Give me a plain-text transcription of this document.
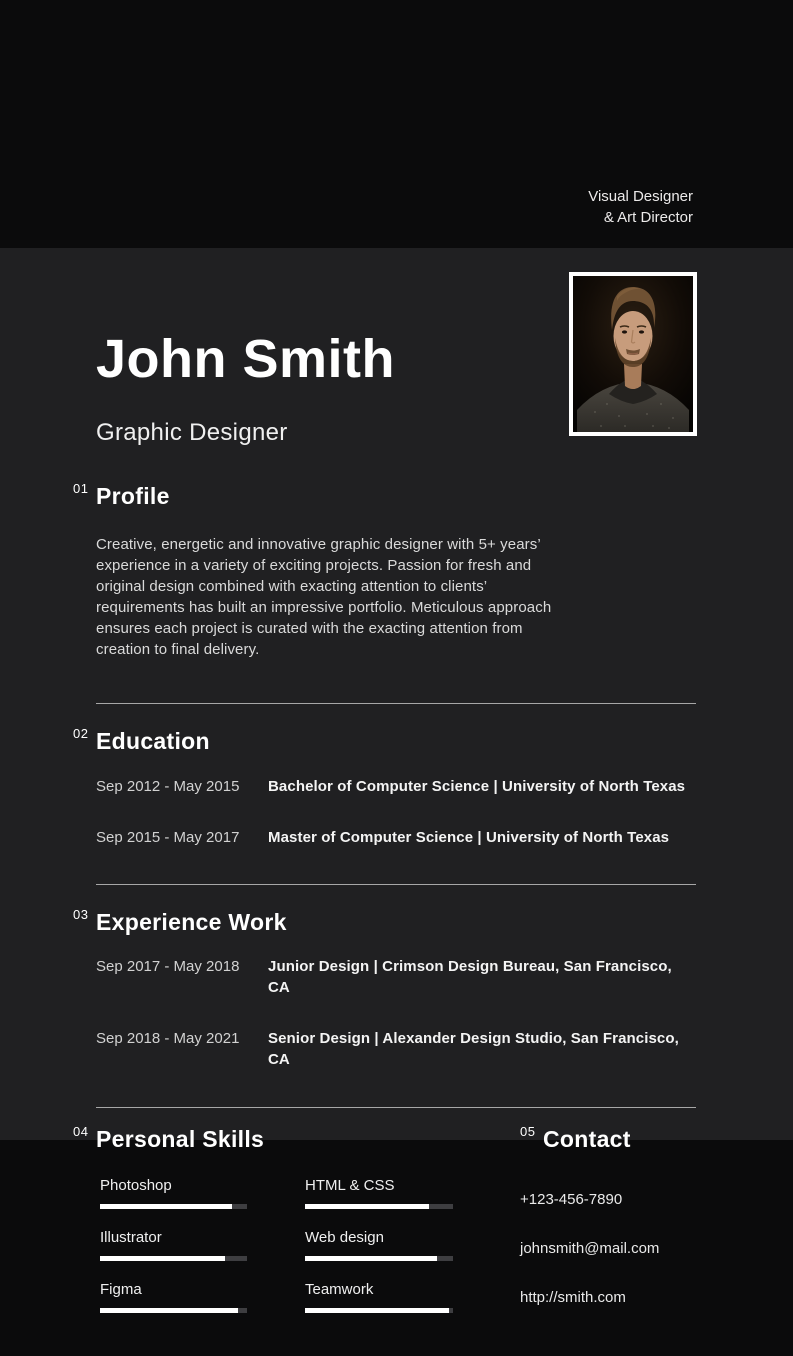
Visual Designer
& Art Director
John Smith
Graphic Designer
01 Profile

Creative, energetic and innovative graphic designer with 5+ years’ experience in a variety of exciting projects. Passion for fresh and original design combined with exacting attention to clients’ requirements has built an impressive portfolio. Meticulous approach ensures each project is curated with the exacting attention from creation to final delivery.

02 Education
Sep 2012 - May 2015	Bachelor of Computer Science | University of North Texas
Sep 2015 - May 2017	Master of Computer Science | University of North Texas
03 Experience Work
Sep 2017 - May 2018	Junior Design | Crimson Design Bureau, San Francisco, CA
Sep 2018 - May 2021	Senior Design | Alexander Design Studio, San Francisco, CA
04 Personal Skills
Photoshop	HTML & CSS
Illustrator	Web design
Figma	Teamwork
05 Contact
+123-456-7890
johnsmith@mail.com
http://smith.com
